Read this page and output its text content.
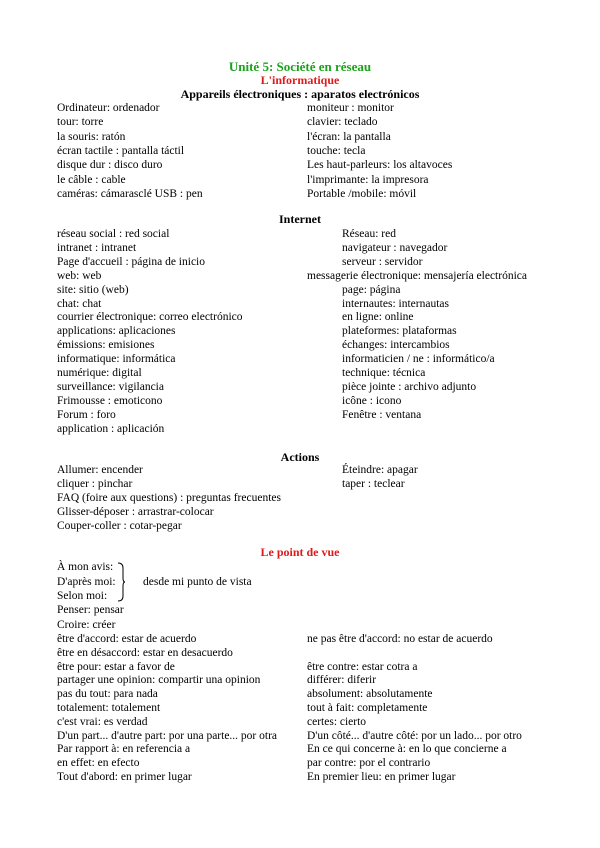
Unité 5: Société en réseau
L'informatique
Appareils électroniques : aparatos electrónicos
Ordinateur: ordenador
tour: torre
la souris: ratón
écran tactile : pantalla táctil
disque dur : disco duro
le câble : cable
caméras: cámarasclé USB : pen
moniteur : monitor
clavier: teclado
l'écran: la pantalla
touche: tecla
Les haut-parleurs: los altavoces
l'imprimante: la impresora
Portable /mobile: móvil
Internet
réseau social : red social
intranet : intranet
Page d'accueil : página de inicio
web: web
site: sitio (web)
chat: chat
courrier électronique: correo electrónico
applications: aplicaciones
émissions: emisiones
informatique: informática
numérique: digital
surveillance: vigilancia
Frimousse : emoticono
Forum : foro
application : aplicación
Réseau: red
navigateur : navegador
serveur : servidor
messagerie électronique: mensajería electrónica
page: página
internautes: internautas
en ligne: online
plateformes: plataformas
échanges: intercambios
informaticien / ne : informático/a
technique: técnica
pièce jointe : archivo adjunto
icône : icono
Fenêtre : ventana
Actions
Allumer: encender
cliquer : pinchar
FAQ (foire aux questions) : preguntas frecuentes
Glisser-déposer : arrastrar-colocar
Couper-coller : cotar-pegar
Éteindre: apagar
taper : teclear
Le point de vue
À mon avis:
D'après moi:
Selon moi:
Penser: pensar
Croire: créer
être d'accord: estar de acuerdo
être en désaccord: estar en desacuerdo
être pour: estar a favor de
partager une opinion: compartir una opinion
pas du tout: para nada
totalement: totalement
c'est vrai: es verdad
D'un part... d'autre part: por una parte... por otra
Par rapport à: en referencia a
en effet: en efecto
Tout d'abord: en primer lugar
ne pas être d'accord: no estar de acuerdo
être contre: estar cotra a
différer: diferir
absolument: absolutamente
tout à fait: completamente
certes: cierto
D'un côté... d'autre côté: por un lado... por otro
En ce qui concerne à: en lo que concierne a
par contre: por el contrario
En premier lieu: en primer lugar
desde mi punto de vista
